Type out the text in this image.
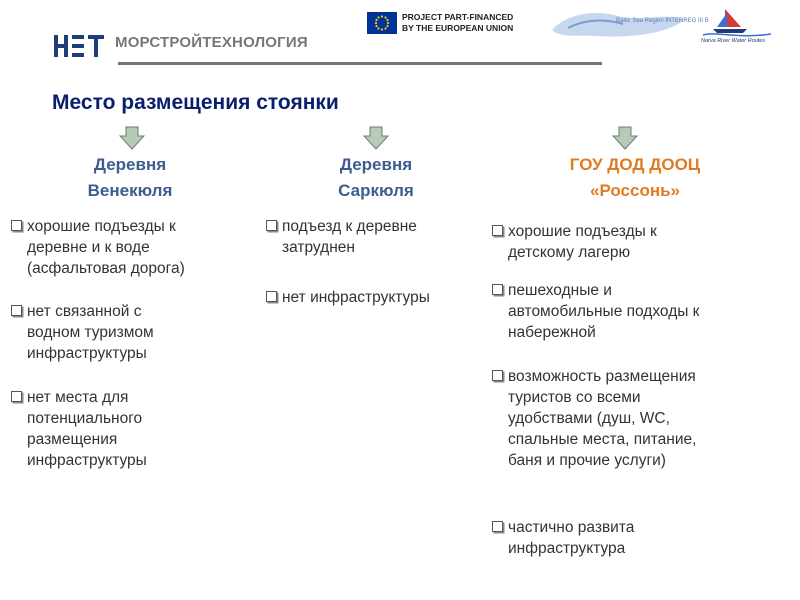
МОРСТРОЙТЕХНОЛОГИЯ
PROJECT PART-FINANCED
BY THE EUROPEAN UNION
Baltic Sea Region INTERREG III B
Narva River Water Routes
Место размещения стоянки
Деревня
Венекюля
Деревня
Саркюля
ГОУ ДОД ДООЦ
«Россонь»
хорошие подъезды к
деревне и к воде
(асфальтовая дорога)
нет связанной с
водном туризмом
инфраструктуры
нет места для
потенциального
размещения
инфраструктуры
подъезд к деревне
затруднен
нет инфраструктуры
хорошие подъезды к
детскому лагерю
пешеходные и
автомобильные подходы к
набережной
возможность размещения
туристов со всеми
удобствами (душ, WC,
спальные места, питание,
баня и прочие услуги)
частично развита
инфраструктура
